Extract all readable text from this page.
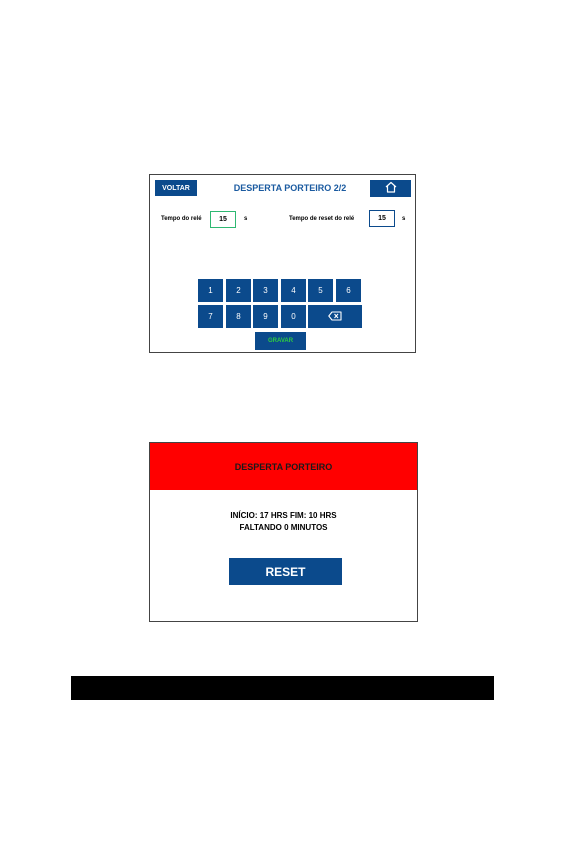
VOLTAR	DESPERTA PORTEIRO 2/2
Tempo do relé	15	s	Tempo de reset do relé	15	s
1	2	3	4	5	6
7	8	9	0
GRAVAR
DESPERTA PORTEIRO
INÍCIO: 17 HRS FIM: 10 HRS
FALTANDO 0 MINUTOS
RESET
